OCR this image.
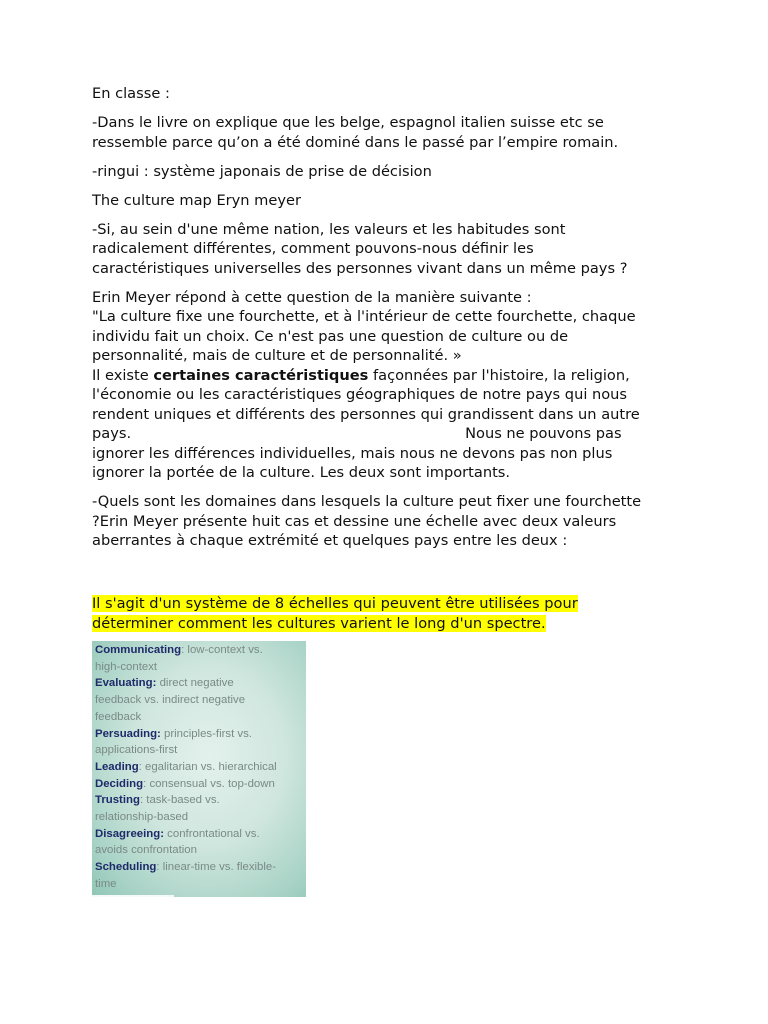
En classe :

-Dans le livre on explique que les belge, espagnol italien suisse etc se
ressemble parce qu’on a été dominé dans le passé par l’empire romain.

-ringui : système japonais de prise de décision

The culture map Eryn meyer

-Si, au sein d'une même nation, les valeurs et les habitudes sont
radicalement différentes, comment pouvons-nous définir les
caractéristiques universelles des personnes vivant dans un même pays ?

Erin Meyer répond à cette question de la manière suivante :
"La culture fixe une fourchette, et à l'intérieur de cette fourchette, chaque
individu fait un choix. Ce n'est pas une question de culture ou de
personnalité, mais de culture et de personnalité. »

Il existe certaines caractéristiques façonnées par l'histoire, la religion,
l'économie ou les caractéristiques géographiques de notre pays qui nous
rendent uniques et différents des personnes qui grandissent dans un autre
pays.	Nous ne pouvons pas
ignorer les différences individuelles, mais nous ne devons pas non plus
ignorer la portée de la culture. Les deux sont importants.

-Quels sont les domaines dans lesquels la culture peut fixer une fourchette
?Erin Meyer présente huit cas et dessine une échelle avec deux valeurs
aberrantes à chaque extrémité et quelques pays entre les deux :

Il s'agit d'un système de 8 échelles qui peuvent être utilisées pour
déterminer comment les cultures varient le long d'un spectre.

Communicating: low-context vs.
high-context
Evaluating: direct negative
feedback vs. indirect negative
feedback
Persuading: principles-first vs.
applications-first
Leading: egalitarian vs. hierarchical
Deciding: consensual vs. top-down
Trusting: task-based vs.
relationship-based
Disagreeing: confrontational vs.
avoids confrontation
Scheduling: linear-time vs. flexible-
time
